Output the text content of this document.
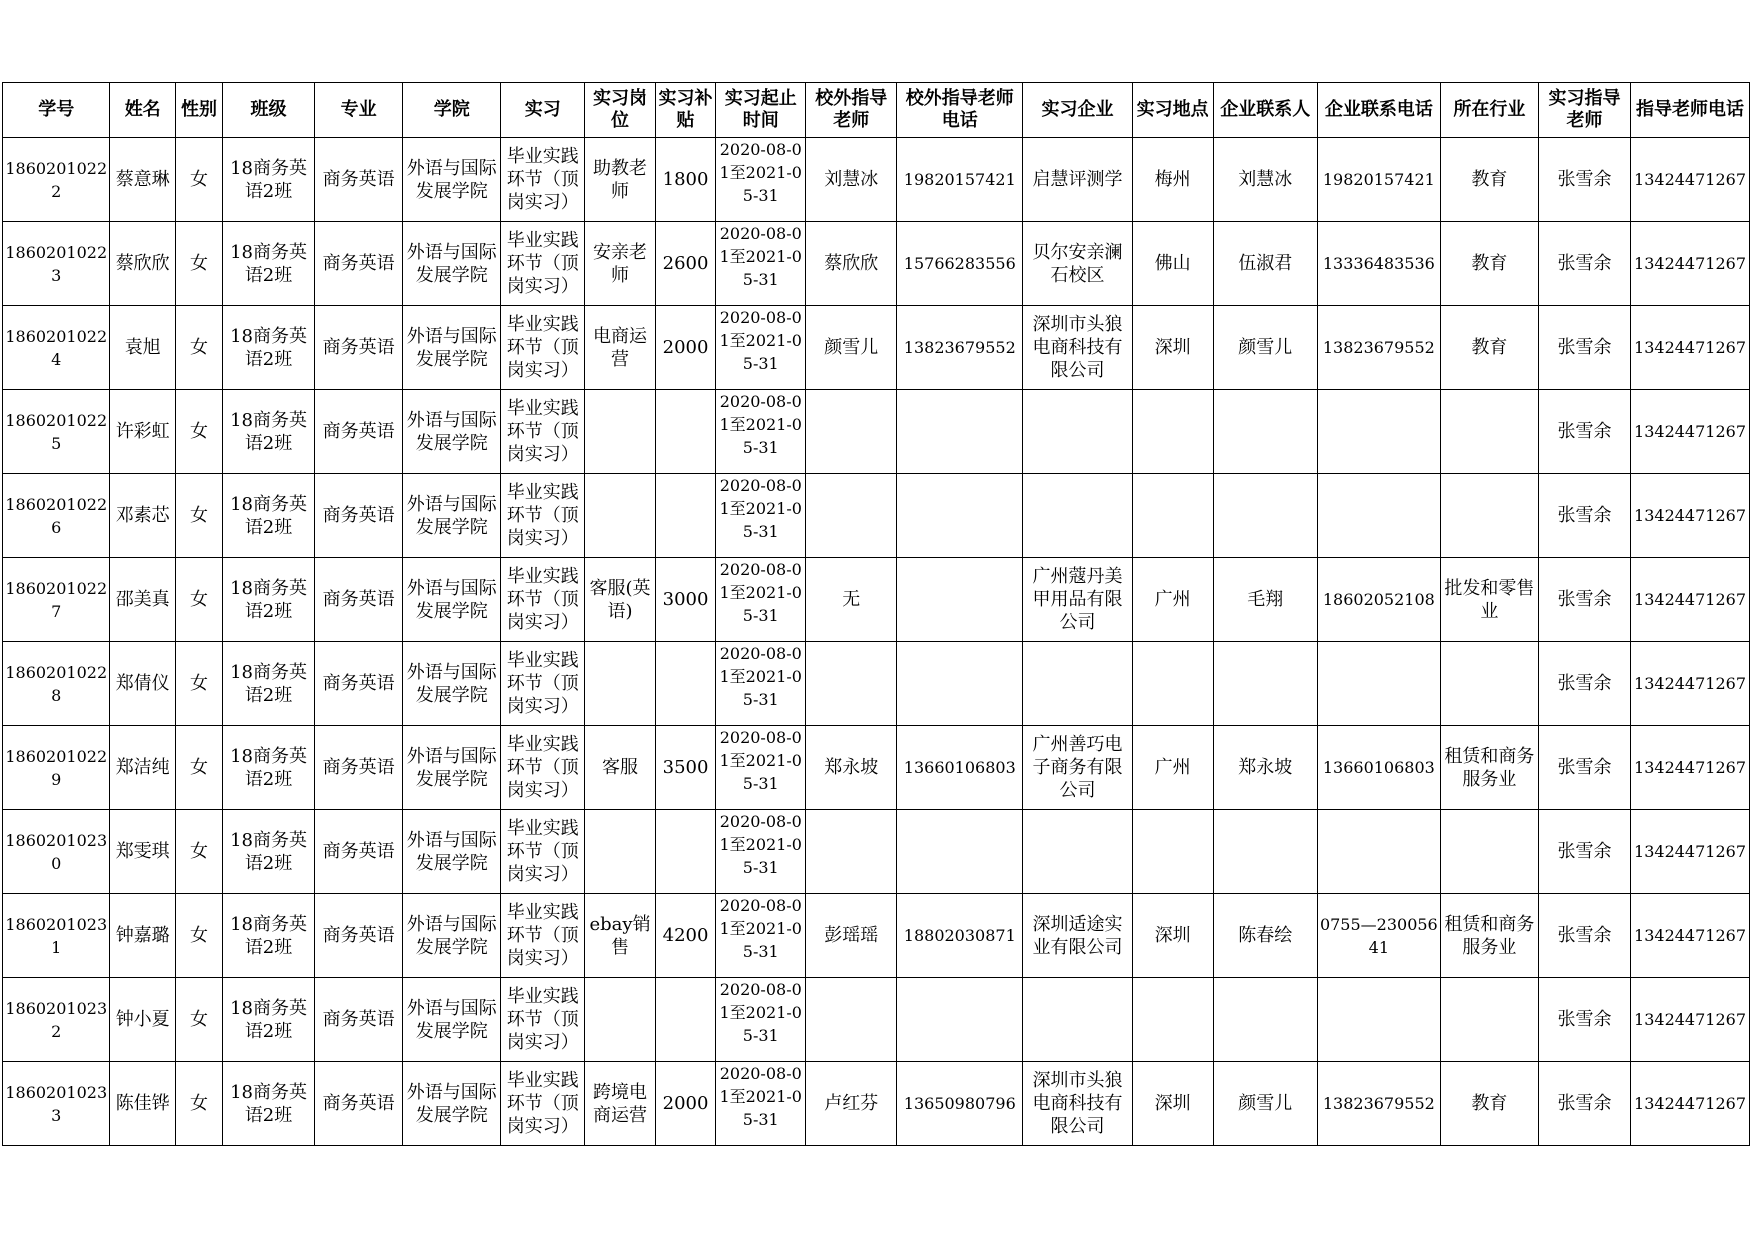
学号	姓名	性别	班级	专业	学院	实习	实习岗位	实习补贴	实习起止时间	校外指导老师	校外指导老师电话	实习企业	实习地点	企业联系人	企业联系电话	所在行业	实习指导老师	指导老师电话
18602010222	蔡意琳	女	18商务英语2班	商务英语	外语与国际发展学院	毕业实践环节（顶岗实习）	助教老师	1800	2020-08-01至2021-05-31	刘慧冰	19820157421	启慧评测学	梅州	刘慧冰	19820157421	教育	张雪余	13424471267
18602010223	蔡欣欣	女	18商务英语2班	商务英语	外语与国际发展学院	毕业实践环节（顶岗实习）	安亲老师	2600	2020-08-01至2021-05-31	蔡欣欣	15766283556	贝尔安亲澜石校区	佛山	伍淑君	13336483536	教育	张雪余	13424471267
18602010224	袁旭	女	18商务英语2班	商务英语	外语与国际发展学院	毕业实践环节（顶岗实习）	电商运营	2000	2020-08-01至2021-05-31	颜雪儿	13823679552	深圳市头狼电商科技有限公司	深圳	颜雪儿	13823679552	教育	张雪余	13424471267
18602010225	许彩虹	女	18商务英语2班	商务英语	外语与国际发展学院	毕业实践环节（顶岗实习）			2020-08-01至2021-05-31								张雪余	13424471267
18602010226	邓素芯	女	18商务英语2班	商务英语	外语与国际发展学院	毕业实践环节（顶岗实习）			2020-08-01至2021-05-31								张雪余	13424471267
18602010227	邵美真	女	18商务英语2班	商务英语	外语与国际发展学院	毕业实践环节（顶岗实习）	客服(英语)	3000	2020-08-01至2021-05-31	无		广州蔻丹美甲用品有限公司	广州	毛翔	18602052108	批发和零售业	张雪余	13424471267
18602010228	郑倩仪	女	18商务英语2班	商务英语	外语与国际发展学院	毕业实践环节（顶岗实习）			2020-08-01至2021-05-31								张雪余	13424471267
18602010229	郑洁纯	女	18商务英语2班	商务英语	外语与国际发展学院	毕业实践环节（顶岗实习）	客服	3500	2020-08-01至2021-05-31	郑永坡	13660106803	广州善巧电子商务有限公司	广州	郑永坡	13660106803	租赁和商务服务业	张雪余	13424471267
18602010230	郑雯琪	女	18商务英语2班	商务英语	外语与国际发展学院	毕业实践环节（顶岗实习）			2020-08-01至2021-05-31								张雪余	13424471267
18602010231	钟嘉璐	女	18商务英语2班	商务英语	外语与国际发展学院	毕业实践环节（顶岗实习）	ebay销售	4200	2020-08-01至2021-05-31	彭瑶瑶	18802030871	深圳适途实业有限公司	深圳	陈春绘	0755—23005641	租赁和商务服务业	张雪余	13424471267
18602010232	钟小夏	女	18商务英语2班	商务英语	外语与国际发展学院	毕业实践环节（顶岗实习）			2020-08-01至2021-05-31								张雪余	13424471267
18602010233	陈佳铧	女	18商务英语2班	商务英语	外语与国际发展学院	毕业实践环节（顶岗实习）	跨境电商运营	2000	2020-08-01至2021-05-31	卢红芬	13650980796	深圳市头狼电商科技有限公司	深圳	颜雪儿	13823679552	教育	张雪余	13424471267
